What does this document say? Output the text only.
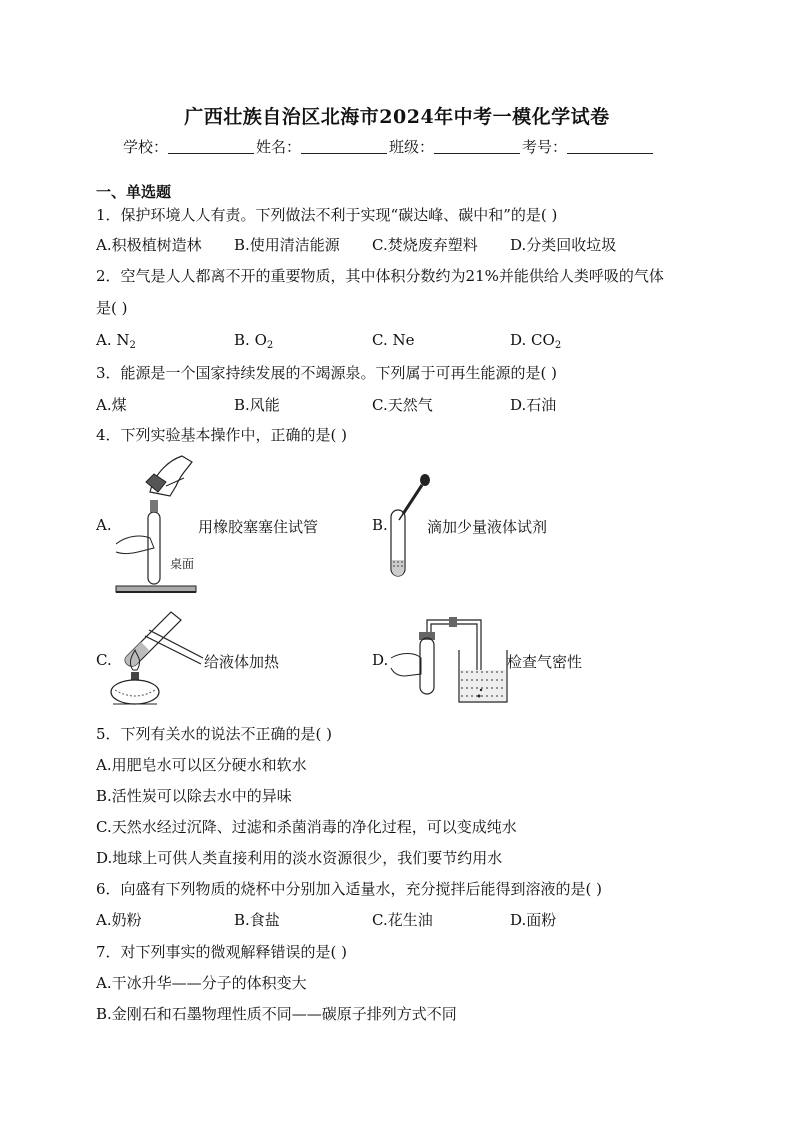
广西壮族自治区北海市2024年中考一模化学试卷
学校：	姓名：	班级：	考号：
一、单选题
1．保护环境人人有责。下列做法不利于实现“碳达峰、碳中和”的是( )
A.积极植树造林 B.使用清洁能源 C.焚烧废弃塑料 D.分类回收垃圾
2．空气是人人都离不开的重要物质，其中体积分数约为21%并能供给人类呼吸的气体
是( )
A. $N_2$	B. $O_2$	C. Ne	D. $CO_2$
3．能源是一个国家持续发展的不竭源泉。下列属于可再生能源的是( )
A.煤	B.风能	C.天然气	D.石油
4．下列实验基本操作中，正确的是( )
A.
桌面
用橡胶塞塞住试管	B.	滴加少量液体试剂
C.	给液体加热	D.	检查气密性
5．下列有关水的说法不正确的是( )
A.用肥皂水可以区分硬水和软水
B.活性炭可以除去水中的异味
C.天然水经过沉降、过滤和杀菌消毒的净化过程，可以变成纯水
D.地球上可供人类直接利用的淡水资源很少，我们要节约用水
6．向盛有下列物质的烧杯中分别加入适量水，充分搅拌后能得到溶液的是( )
A.奶粉	B.食盐	C.花生油	D.面粉
7．对下列事实的微观解释错误的是( )
A.干冰升华——分子的体积变大
B.金刚石和石墨物理性质不同——碳原子排列方式不同
